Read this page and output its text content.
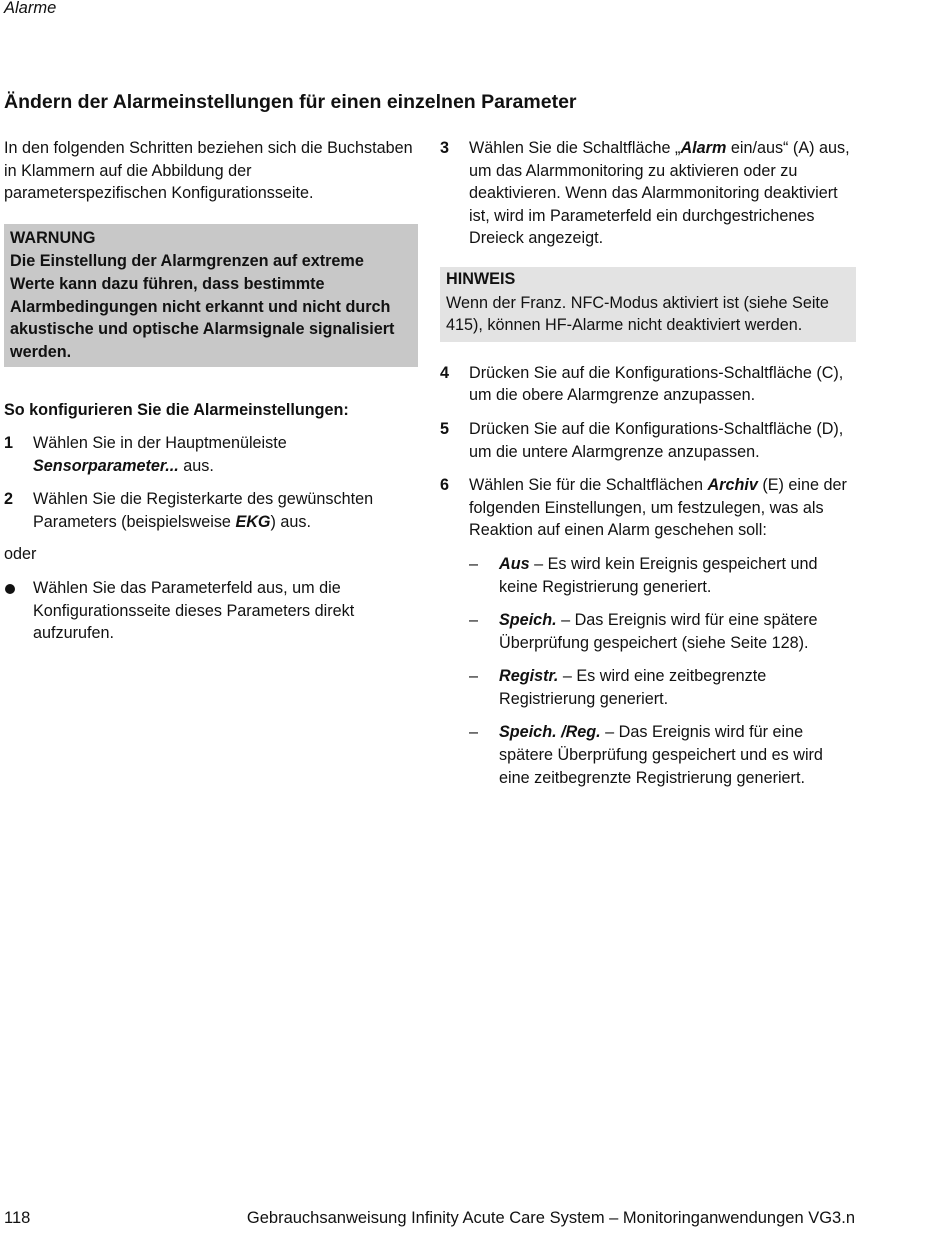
Alarme
Ändern der Alarmeinstellungen für einen einzelnen Parameter

In den folgenden Schritten beziehen sich die Buchstaben in Klammern auf die Abbildung der parameterspezifischen Konfigurationsseite.

WARNUNG
Die Einstellung der Alarmgrenzen auf extreme Werte kann dazu führen, dass bestimmte Alarmbedingungen nicht erkannt und nicht durch akustische und optische Alarmsignale signalisiert werden.

So konfigurieren Sie die Alarmeinstellungen:

1	Wählen Sie in der Hauptmenüleiste
Sensorparameter... aus.
2	Wählen Sie die Registerkarte des gewünschten Parameters (beispielsweise EKG) aus.

oder

Wählen Sie das Parameterfeld aus, um die Konfigurationsseite dieses Parameters direkt aufzurufen.
3	Wählen Sie die Schaltfläche „Alarm ein/aus“ (A) aus, um das Alarmmonitoring zu aktivieren oder zu deaktivieren. Wenn das Alarmmonitoring deaktiviert ist, wird im Parameterfeld ein durchgestrichenes Dreieck angezeigt.
HINWEIS
Wenn der Franz. NFC-Modus aktiviert ist (siehe Seite 415), können HF-Alarme nicht deaktiviert werden.
4	Drücken Sie auf die Konfigurations-Schaltfläche (C), um die obere Alarmgrenze anzupassen.
5	Drücken Sie auf die Konfigurations-Schaltfläche (D), um die untere Alarmgrenze anzupassen.
6	Wählen Sie für die Schaltflächen Archiv (E) eine der folgenden Einstellungen, um festzulegen, was als Reaktion auf einen Alarm geschehen soll:
–	Aus – Es wird kein Ereignis gespeichert und keine Registrierung generiert.
–	Speich. – Das Ereignis wird für eine spätere Überprüfung gespeichert (siehe Seite 128).
–	Registr. – Es wird eine zeitbegrenzte Registrierung generiert.
–	Speich. /Reg. – Das Ereignis wird für eine spätere Überprüfung gespeichert und es wird eine zeitbegrenzte Registrierung generiert.
118	Gebrauchsanweisung Infinity Acute Care System – Monitoringanwendungen VG3.n
